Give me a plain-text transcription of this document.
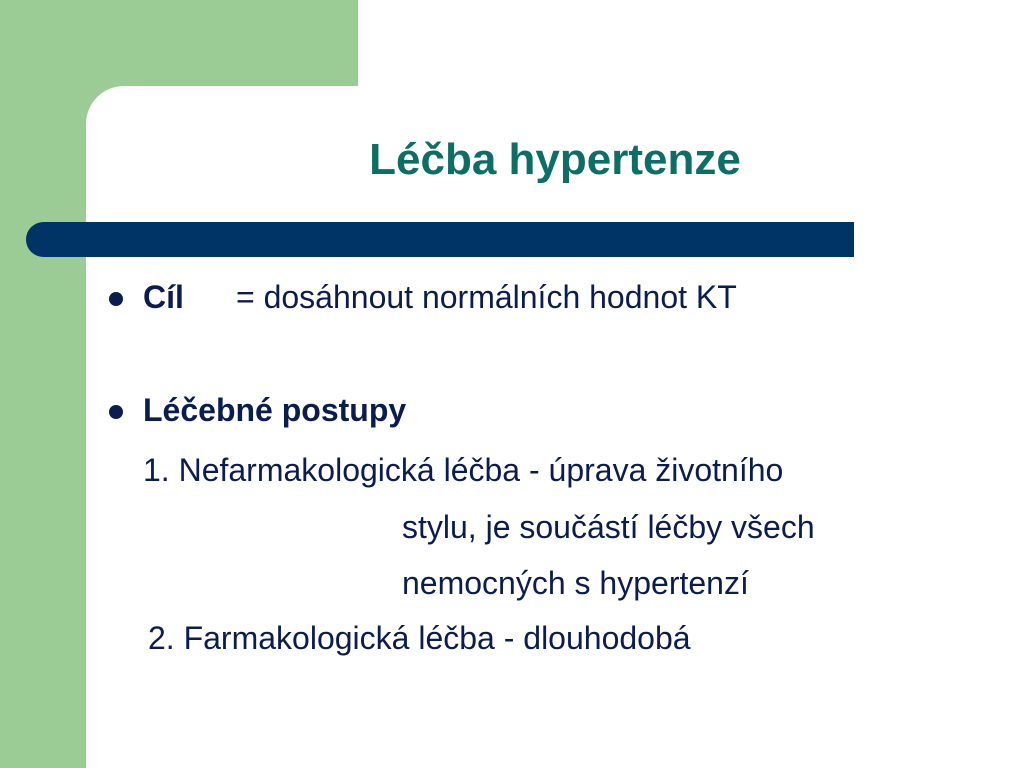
Léčba hypertenze
Cíl = dosáhnout normálních hodnot KT
Léčebné postupy
1. Nefarmakologická léčba - úprava životního
stylu, je součástí léčby všech
nemocných s hypertenzí
2. Farmakologická léčba - dlouhodobá
